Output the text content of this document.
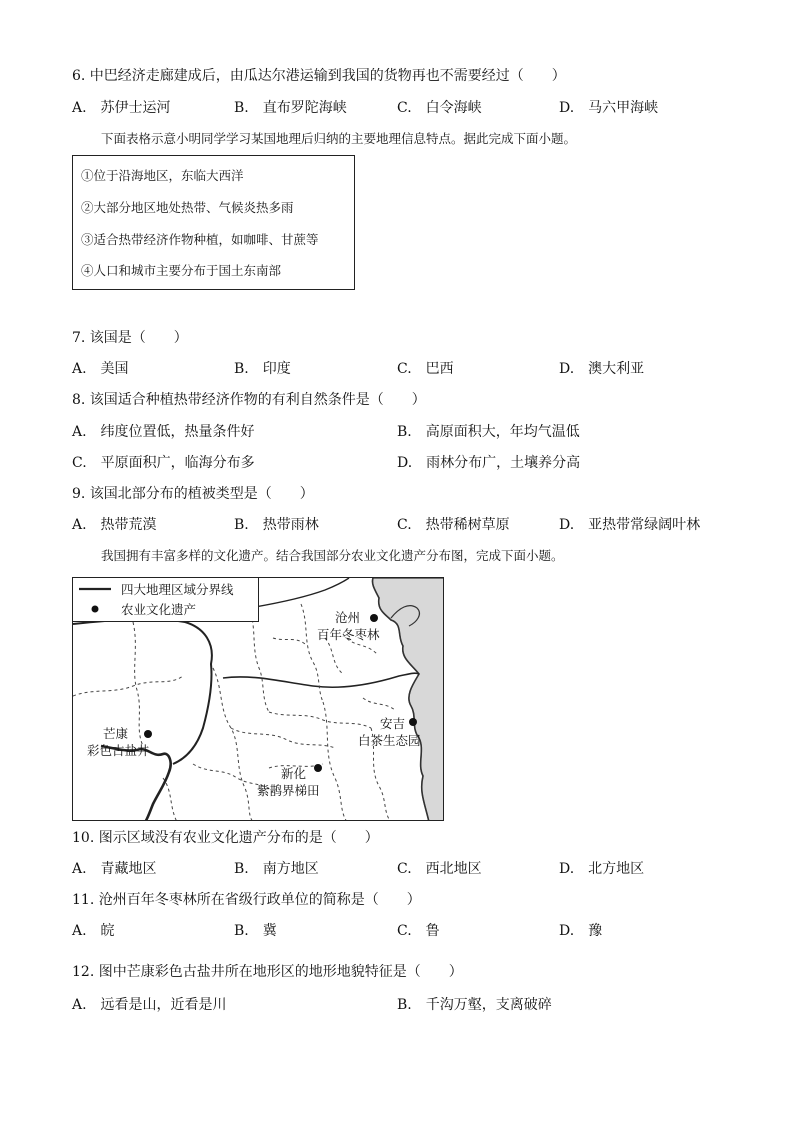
6. 中巴经济走廊建成后，由瓜达尔港运输到我国的货物再也不需要经过（　　）
A.　苏伊士运河	B.　直布罗陀海峡	C.　白令海峡	D.　马六甲海峡
下面表格示意小明同学学习某国地理后归纳的主要地理信息特点。据此完成下面小题。
①位于沿海地区，东临大西洋
②大部分地区地处热带、气候炎热多雨
③适合热带经济作物种植，如咖啡、甘蔗等
④人口和城市主要分布于国土东南部
7. 该国是（　　）
A.　美国	B.　印度	C.　巴西	D.　澳大利亚
8. 该国适合种植热带经济作物的有利自然条件是（　　）
A.　纬度位置低，热量条件好	B.　高原面积大，年均气温低
C.　平原面积广，临海分布多	D.　雨林分布广，土壤养分高
9. 该国北部分布的植被类型是（　　）
A.　热带荒漠	B.　热带雨林	C.　热带稀树草原	D.　亚热带常绿阔叶林
我国拥有丰富多样的文化遗产。结合我国部分农业文化遗产分布图，完成下面小题。
四大地理区域分界线
农业文化遗产
沧州
百年冬枣林
安吉
白茶生态园
芒康
彩色古盐井
新化
紫鹊界梯田
10. 图示区域没有农业文化遗产分布的是（　　）
A.　青藏地区	B.　南方地区	C.　西北地区	D.　北方地区
11. 沧州百年冬枣林所在省级行政单位的简称是（　　）
A.　皖	B.　冀	C.　鲁	D.　豫
12. 图中芒康彩色古盐井所在地形区的地形地貌特征是（　　）
A.　远看是山，近看是川	B.　千沟万壑，支离破碎
